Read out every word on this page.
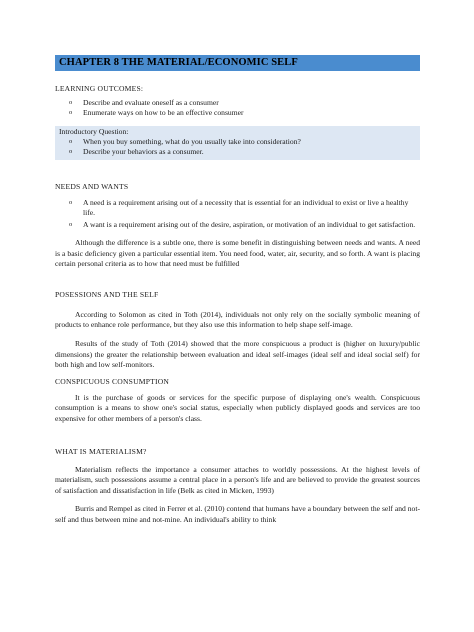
CHAPTER 8 THE MATERIAL/ECONOMIC SELF
LEARNING OUTCOMES:
o Describe and evaluate oneself as a consumer
o Enumerate ways on how to be an effective consumer
Introductory Question:
o When you buy something, what do you usually take into consideration?
o Describe your behaviors as a consumer.
NEEDS AND WANTS
o A need is a requirement arising out of a necessity that is essential for an individual to exist or live a healthy life.
o A want is a requirement arising out of the desire, aspiration, or motivation of an individual to get satisfaction.

Although the difference is a subtle one, there is some benefit in distinguishing between needs and wants. A need is a basic deficiency given a particular essential item. You need food, water, air, security, and so forth. A want is placing certain personal criteria as to how that need must be fulfilled

POSESSIONS AND THE SELF

According to Solomon as cited in Toth (2014), individuals not only rely on the socially symbolic meaning of products to enhance role performance, but they also use this information to help shape self-image.

Results of the study of Toth (2014) showed that the more conspicuous a product is (higher on luxury/public dimensions) the greater the relationship between evaluation and ideal self-images (ideal self and ideal social self) for both high and low self-monitors.

CONSPICUOUS CONSUMPTION

It is the purchase of goods or services for the specific purpose of displaying one's wealth. Conspicuous consumption is a means to show one's social status, especially when publicly displayed goods and services are too expensive for other members of a person's class.

WHAT IS MATERIALISM?

Materialism reflects the importance a consumer attaches to worldly possessions. At the highest levels of materialism, such possessions assume a central place in a person's life and are believed to provide the greatest sources of satisfaction and dissatisfaction in life (Belk as cited in Micken, 1993)

Burris and Rempel as cited in Ferrer et al. (2010) contend that humans have a boundary between the self and not-self and thus between mine and not-mine. An individual's ability to think
